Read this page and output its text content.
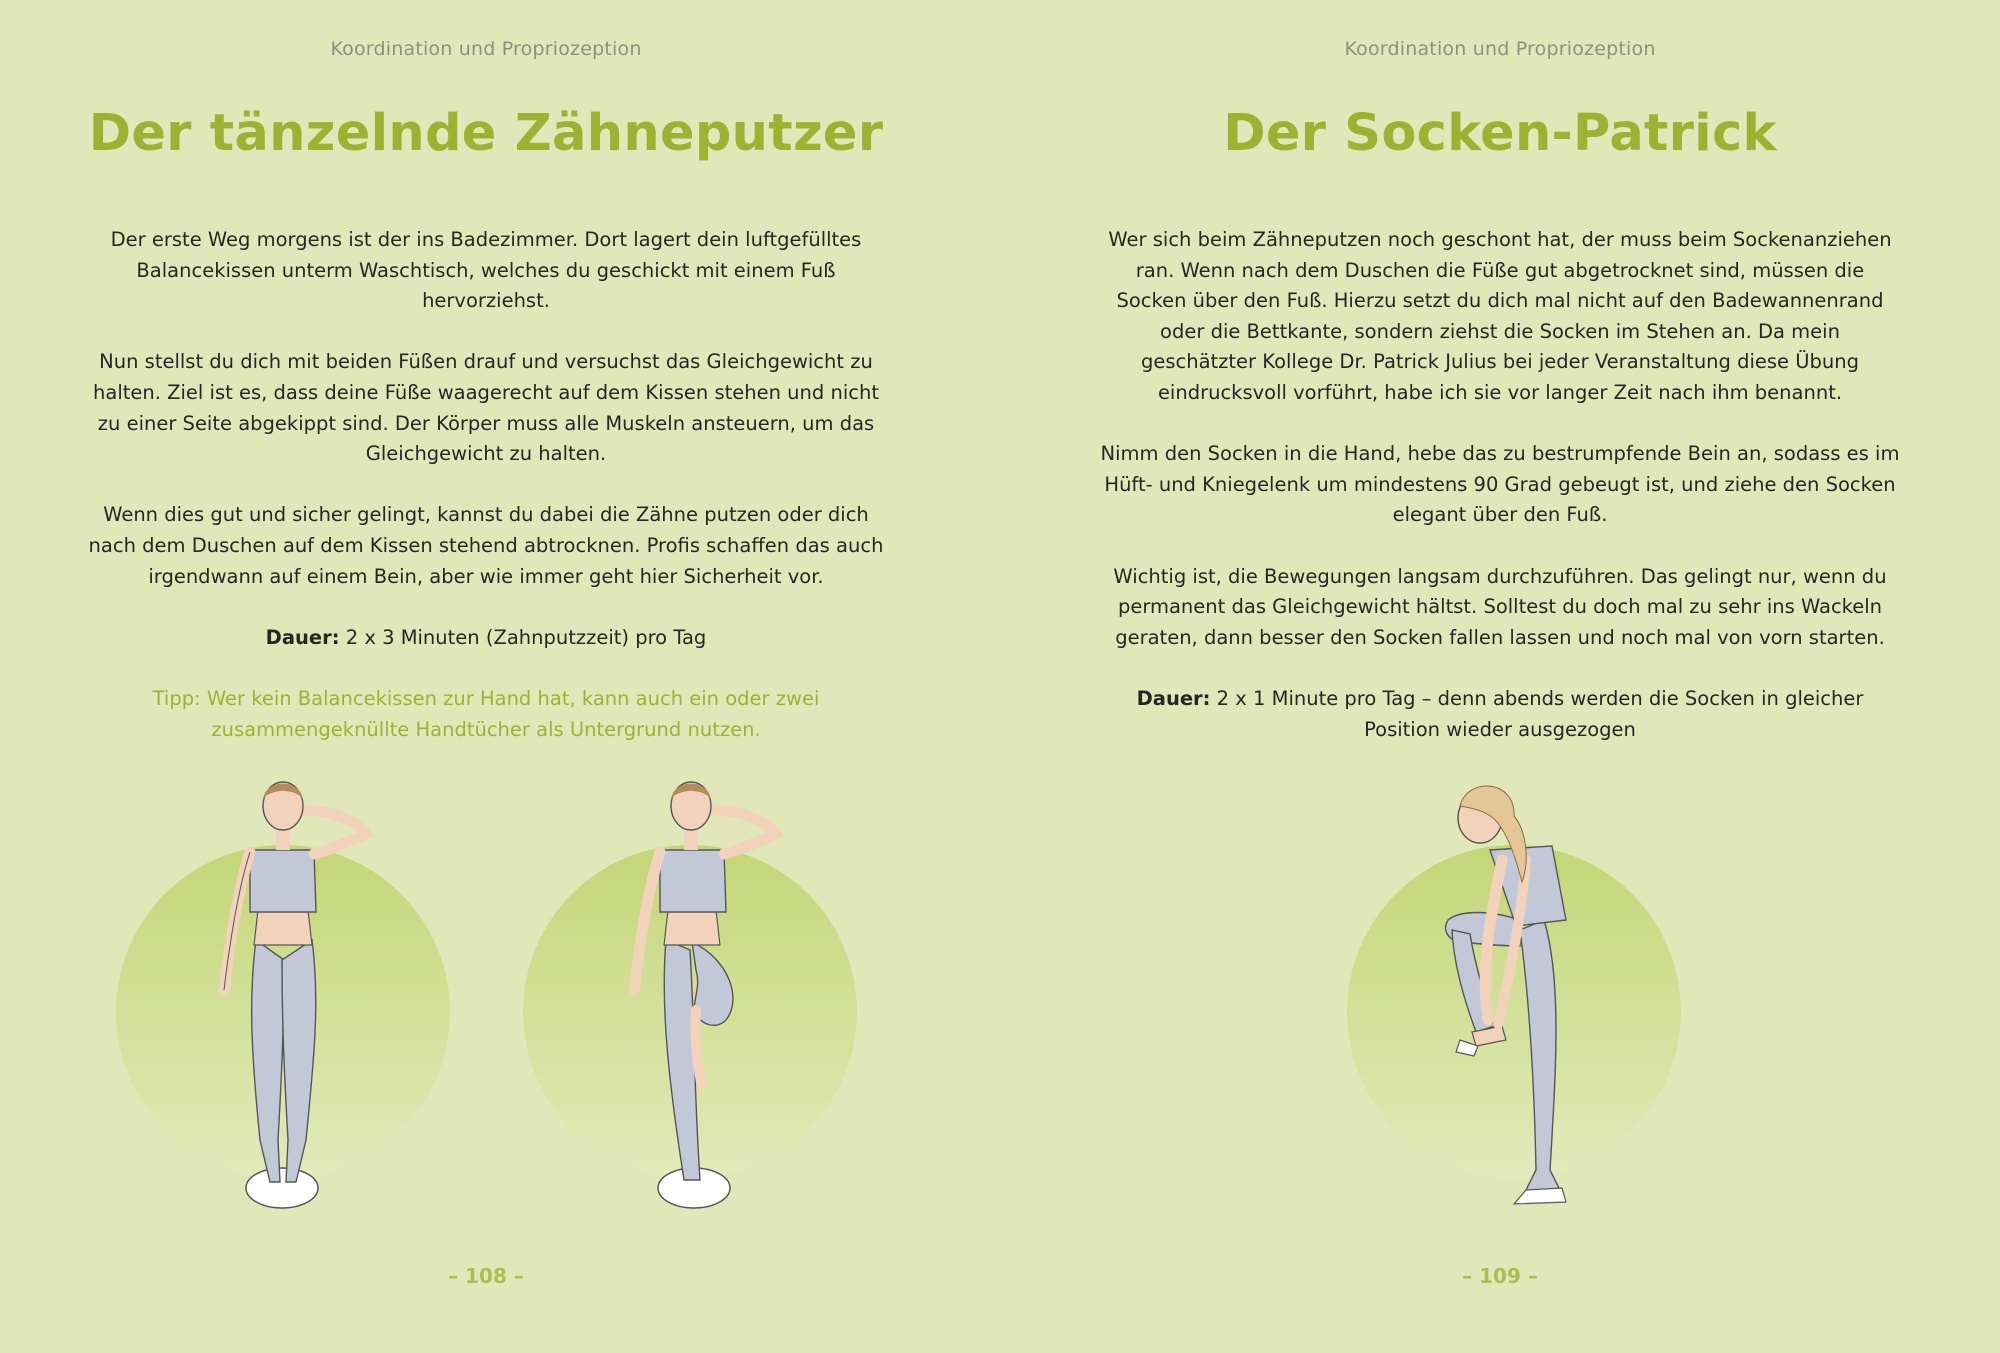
Koordination und Propriozeption
Der tänzelnde Zähneputzer

Der erste Weg morgens ist der ins Badezimmer. Dort lagert dein luftgefülltes Balancekissen unterm Waschtisch, welches du geschickt mit einem Fuß hervorziehst.

Nun stellst du dich mit beiden Füßen drauf und versuchst das Gleichgewicht zu halten. Ziel ist es, dass deine Füße waagerecht auf dem Kissen stehen und nicht zu einer Seite abgekippt sind. Der Körper muss alle Muskeln ansteuern, um das Gleichgewicht zu halten.

Wenn dies gut und sicher gelingt, kannst du dabei die Zähne putzen oder dich nach dem Duschen auf dem Kissen stehend abtrocknen. Profis schaffen das auch irgendwann auf einem Bein, aber wie immer geht hier Sicherheit vor.

Dauer: 2 x 3 Minuten (Zahnputzzeit) pro Tag

Tipp: Wer kein Balancekissen zur Hand hat, kann auch ein oder zwei zusammengeknüllte Handtücher als Untergrund nutzen.

– 108 –
Koordination und Propriozeption
Der Socken-Patrick

Wer sich beim Zähneputzen noch geschont hat, der muss beim Sockenanziehen ran. Wenn nach dem Duschen die Füße gut abgetrocknet sind, müssen die Socken über den Fuß. Hierzu setzt du dich mal nicht auf den Badewannenrand oder die Bettkante, sondern ziehst die Socken im Stehen an. Da mein geschätzter Kollege Dr. Patrick Julius bei jeder Veranstaltung diese Übung eindrucksvoll vorführt, habe ich sie vor langer Zeit nach ihm benannt.

Nimm den Socken in die Hand, hebe das zu bestrumpfende Bein an, sodass es im Hüft- und Kniegelenk um mindestens 90 Grad gebeugt ist, und ziehe den Socken elegant über den Fuß.

Wichtig ist, die Bewegungen langsam durchzuführen. Das gelingt nur, wenn du permanent das Gleichgewicht hältst. Solltest du doch mal zu sehr ins Wackeln geraten, dann besser den Socken fallen lassen und noch mal von vorn starten.

Dauer: 2 x 1 Minute pro Tag – denn abends werden die Socken in gleicher Position wieder ausgezogen

– 109 –
